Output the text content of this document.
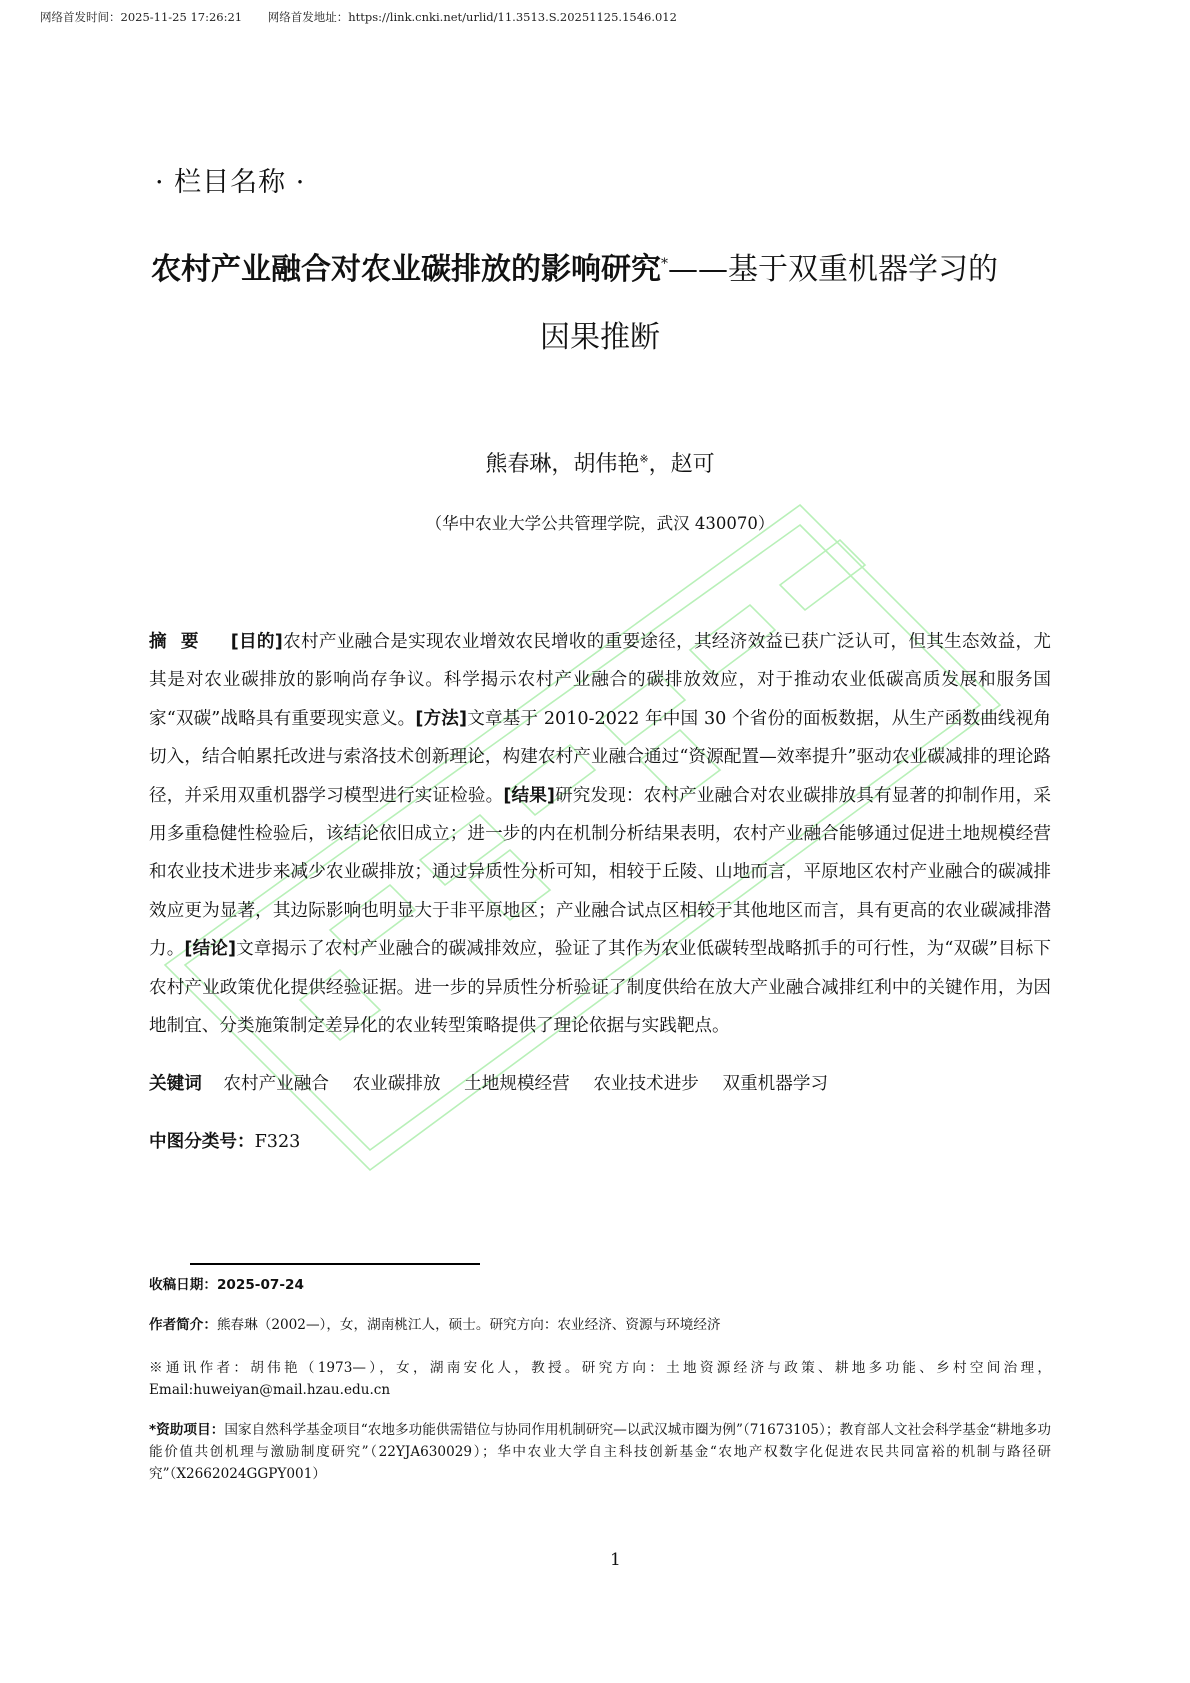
网络首发时间：2025-11-25 17:26:21 网络首发地址：https://link.cnki.net/urlid/11.3513.S.20251125.1546.012
· 栏目名称 ·
农村产业融合对农业碳排放的影响研究*——基于双重机器学习的
因果推断
熊春琳，胡伟艳※，赵可
（华中农业大学公共管理学院，武汉 430070）
摘要 [目的]农村产业融合是实现农业增效农民增收的重要途径，其经济效益已获广泛认可，但其生态效益，尤其是对农业碳排放的影响尚存争议。科学揭示农村产业融合的碳排放效应，对于推动农业低碳高质发展和服务国家“双碳”战略具有重要现实意义。[方法]文章基于 2010-2022 年中国 30 个省份的面板数据，从生产函数曲线视角切入，结合帕累托改进与索洛技术创新理论，构建农村产业融合通过“资源配置—效率提升”驱动农业碳减排的理论路径，并采用双重机器学习模型进行实证检验。[结果]研究发现：农村产业融合对农业碳排放具有显著的抑制作用，采用多重稳健性检验后，该结论依旧成立；进一步的内在机制分析结果表明，农村产业融合能够通过促进土地规模经营和农业技术进步来减少农业碳排放；通过异质性分析可知，相较于丘陵、山地而言，平原地区农村产业融合的碳减排效应更为显著，其边际影响也明显大于非平原地区；产业融合试点区相较于其他地区而言，具有更高的农业碳减排潜力。[结论]文章揭示了农村产业融合的碳减排效应，验证了其作为农业低碳转型战略抓手的可行性，为“双碳”目标下农村产业政策优化提供经验证据。进一步的异质性分析验证了制度供给在放大产业融合减排红利中的关键作用，为因地制宜、分类施策制定差异化的农业转型策略提供了理论依据与实践靶点。
关键词 农村产业融合 农业碳排放 土地规模经营 农业技术进步 双重机器学习
中图分类号：F323
收稿日期：2025-07-24
作者简介：熊春琳（2002—），女，湖南桃江人，硕士。研究方向：农业经济、资源与环境经济
※通讯作者：胡伟艳（1973—），女，湖南安化人，教授。研究方向：土地资源经济与政策、耕地多功能、乡村空间治理，Email:huweiyan@mail.hzau.edu.cn
*资助项目：国家自然科学基金项目“农地多功能供需错位与协同作用机制研究—以武汉城市圈为例”（71673105）；教育部人文社会科学基金“耕地多功能价值共创机理与激励制度研究”（22YJA630029）；华中农业大学自主科技创新基金“农地产权数字化促进农民共同富裕的机制与路径研究”（X2662024GGPY001）
1
